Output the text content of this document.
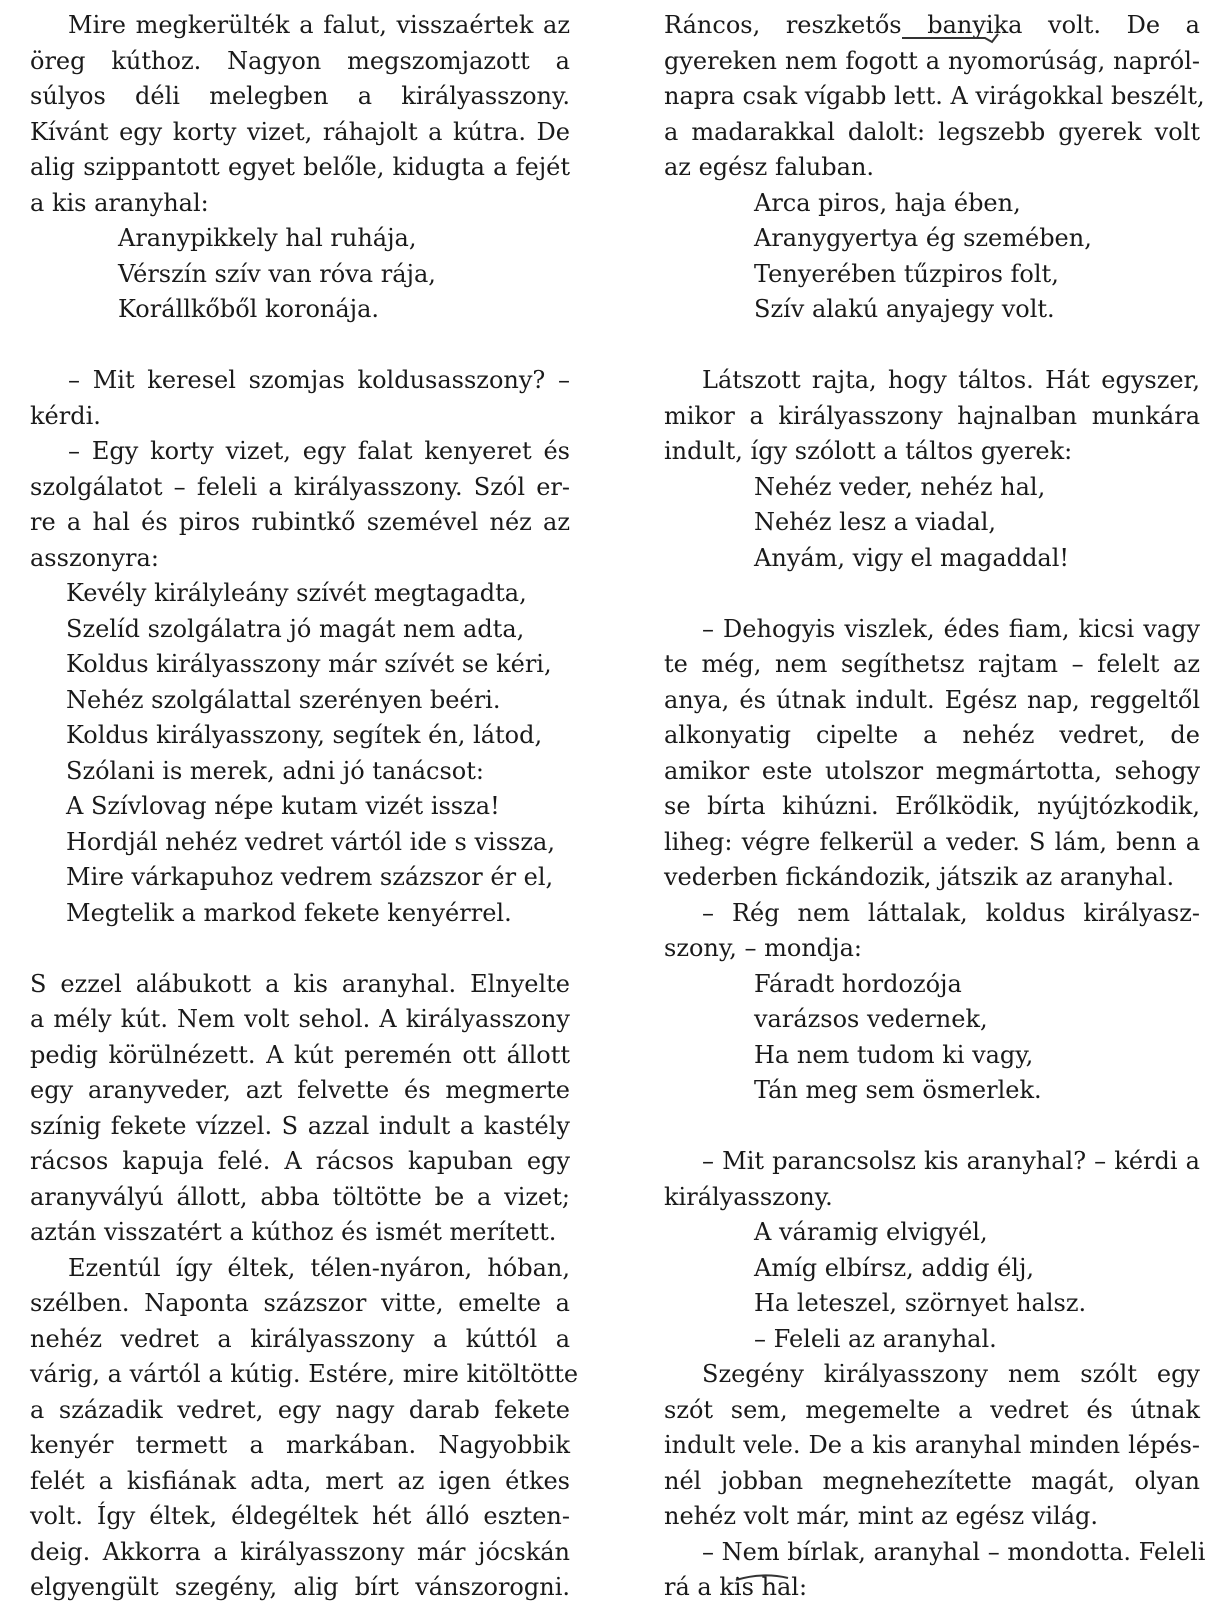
Mire megkerülték a falut, visszaértek az
öreg kúthoz. Nagyon megszomjazott a
súlyos déli melegben a királyasszony.
Kívánt egy korty vizet, ráhajolt a kútra. De
alig szippantott egyet belőle, kidugta a fejét
a kis aranyhal:
Aranypikkely hal ruhája,
Vérszín szív van róva rája,
Korállkőből koronája.
– Mit keresel szomjas koldusasszony? –
kérdi.
– Egy korty vizet, egy falat kenyeret és
szolgálatot – feleli a királyasszony. Szól er-
re a hal és piros rubintkő szemével néz az
asszonyra:
Kevély királyleány szívét megtagadta,
Szelíd szolgálatra jó magát nem adta,
Koldus királyasszony már szívét se kéri,
Nehéz szolgálattal szerényen beéri.
Koldus királyasszony, segítek én, látod,
Szólani is merek, adni jó tanácsot:
A Szívlovag népe kutam vizét issza!
Hordjál nehéz vedret vártól ide s vissza,
Mire várkapuhoz vedrem százszor ér el,
Megtelik a markod fekete kenyérrel.
S ezzel alábukott a kis aranyhal. Elnyelte
a mély kút. Nem volt sehol. A királyasszony
pedig körülnézett. A kút peremén ott állott
egy aranyveder, azt felvette és megmerte
színig fekete vízzel. S azzal indult a kastély
rácsos kapuja felé. A rácsos kapuban egy
aranyvályú állott, abba töltötte be a vizet;
aztán visszatért a kúthoz és ismét merített.
Ezentúl így éltek, télen-nyáron, hóban,
szélben. Naponta százszor vitte, emelte a
nehéz vedret a királyasszony a kúttól a
várig, a vártól a kútig. Estére, mire kitöltötte
a századik vedret, egy nagy darab fekete
kenyér termett a markában. Nagyobbik
felét a kisfiának adta, mert az igen étkes
volt. Így éltek, éldegéltek hét álló eszten-
deig. Akkorra a királyasszony már jócskán
elgyengült szegény, alig bírt vánszorogni.
Ráncos, reszketős banyika volt. De a
gyereken nem fogott a nyomorúság, napról-
napra csak vígabb lett. A virágokkal beszélt,
a madarakkal dalolt: legszebb gyerek volt
az egész faluban.
Arca piros, haja ében,
Aranygyertya ég szemében,
Tenyerében tűzpiros folt,
Szív alakú anyajegy volt.
Látszott rajta, hogy táltos. Hát egyszer,
mikor a királyasszony hajnalban munkára
indult, így szólott a táltos gyerek:
Nehéz veder, nehéz hal,
Nehéz lesz a viadal,
Anyám, vigy el magaddal!
– Dehogyis viszlek, édes fiam, kicsi vagy
te még, nem segíthetsz rajtam – felelt az
anya, és útnak indult. Egész nap, reggeltől
alkonyatig cipelte a nehéz vedret, de
amikor este utolszor megmártotta, sehogy
se bírta kihúzni. Erőlködik, nyújtózkodik,
liheg: végre felkerül a veder. S lám, benn a
vederben fickándozik, játszik az aranyhal.
– Rég nem láttalak, koldus királyasz-
szony, – mondja:
Fáradt hordozója
varázsos vedernek,
Ha nem tudom ki vagy,
Tán meg sem ösmerlek.
– Mit parancsolsz kis aranyhal? – kérdi a
királyasszony.
A váramig elvigyél,
Amíg elbírsz, addig élj,
Ha leteszel, szörnyet halsz.
– Feleli az aranyhal.
Szegény királyasszony nem szólt egy
szót sem, megemelte a vedret és útnak
indult vele. De a kis aranyhal minden lépés-
nél jobban megnehezítette magát, olyan
nehéz volt már, mint az egész világ.
– Nem bírlak, aranyhal – mondotta. Feleli
rá a kis hal:
